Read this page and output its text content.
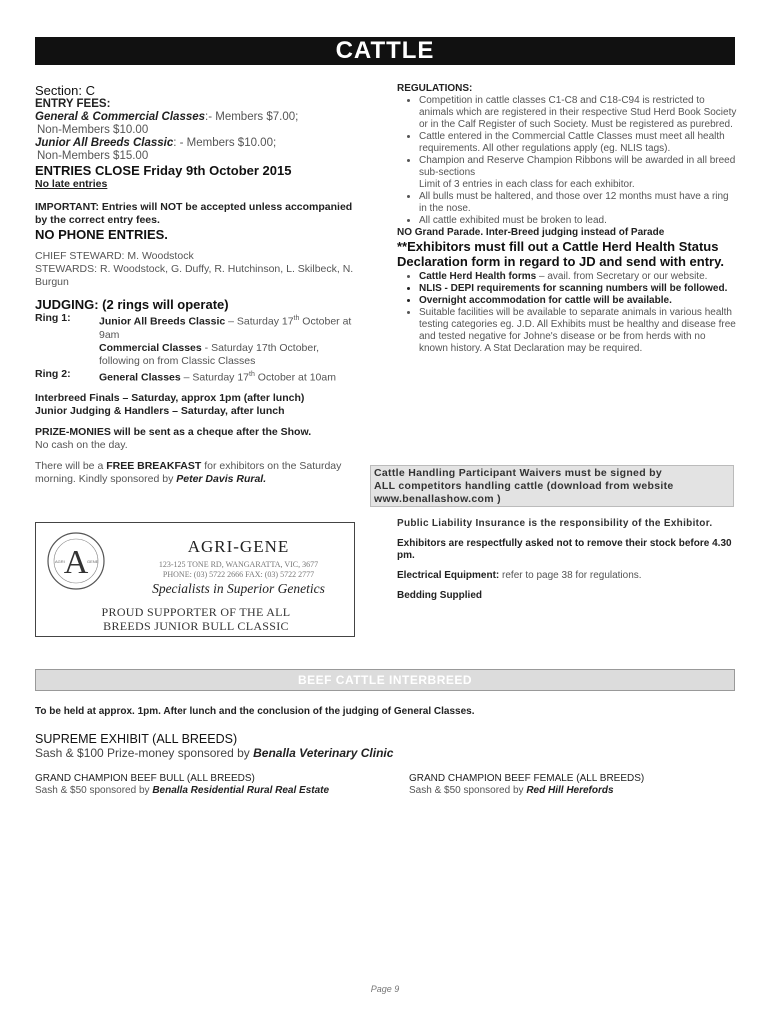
CATTLE

Section: C

ENTRY FEES:

General & Commercial Classes:- Members $7.00;

Non-Members $10.00

Junior All Breeds Classic: - Members $10.00;

Non-Members $15.00

ENTRIES CLOSE Friday 9th October 2015

No late entries

IMPORTANT: Entries will NOT be accepted unless accompanied by the correct entry fees.

NO PHONE ENTRIES.

CHIEF STEWARD: M. Woodstock

STEWARDS: R. Woodstock, G. Duffy, R. Hutchinson, L. Skilbeck, N. Burgun

JUDGING: (2 rings will operate)

Ring 1:	Junior All Breeds Classic – Saturday 17th October at 9am
Commercial Classes - Saturday 17th October, following on from Classic Classes
Ring 2:	General Classes – Saturday 17th October at 10am

Interbreed Finals – Saturday, approx 1pm (after lunch)

Junior Judging & Handlers – Saturday, after lunch

PRIZE-MONIES will be sent as a cheque after the Show.

No cash on the day.

There will be a FREE BREAKFAST for exhibitors on the Saturday morning. Kindly sponsored by Peter Davis Rural.

A
AGRI	GENE
AGRI-GENE
123-125 TONE RD, WANGARATTA, VIC, 3677
PHONE: (03) 5722 2666 FAX: (03) 5722 2777
Specialists in Superior Genetics
PROUD SUPPORTER OF THE ALL
BREEDS JUNIOR BULL CLASSIC

REGULATIONS:

• Competition in cattle classes C1-C8 and C18-C94 is restricted to animals which are registered in their respective Stud Herd Book Society or in the Calf Register of such Society. Must be registered as purebred.
• Cattle entered in the Commercial Cattle Classes must meet all health requirements. All other regulations apply (eg. NLIS tags).
• Champion and Reserve Champion Ribbons will be awarded in all breed sub-sections
Limit of 3 entries in each class for each exhibitor.
• All bulls must be haltered, and those over 12 months must have a ring in the nose.
• All cattle exhibited must be broken to lead.

NO Grand Parade. Inter-Breed judging instead of Parade

**Exhibitors must fill out a Cattle Herd Health Status Declaration form in regard to JD and send with entry.

• Cattle Herd Health forms – avail. from Secretary or our website.
• NLIS - DEPI requirements for scanning numbers will be followed.
• Overnight accommodation for cattle will be available.
• Suitable facilities will be available to separate animals in various health testing categories eg. J.D. All Exhibits must be healthy and disease free and tested negative for Johne's disease or be from herds with no known history. A Stat Declaration may be required.
Cattle Handling Participant Waivers must be signed by
ALL competitors handling cattle (download from website
www.benallashow.com )

Public Liability Insurance is the responsibility of the Exhibitor.

Exhibitors are respectfully asked not to remove their stock before 4.30 pm.

Electrical Equipment: refer to page 38 for regulations.

Bedding Supplied

BEEF CATTLE INTERBREED
To be held at approx. 1pm. After lunch and the conclusion of the judging of General Classes.
SUPREME EXHIBIT (ALL BREEDS)
Sash & $100 Prize-money sponsored by Benalla Veterinary Clinic
GRAND CHAMPION BEEF BULL (ALL BREEDS)
Sash & $50 sponsored by Benalla Residential Rural Real Estate
GRAND CHAMPION BEEF FEMALE (ALL BREEDS)
Sash & $50 sponsored by Red Hill Herefords
Page 9
